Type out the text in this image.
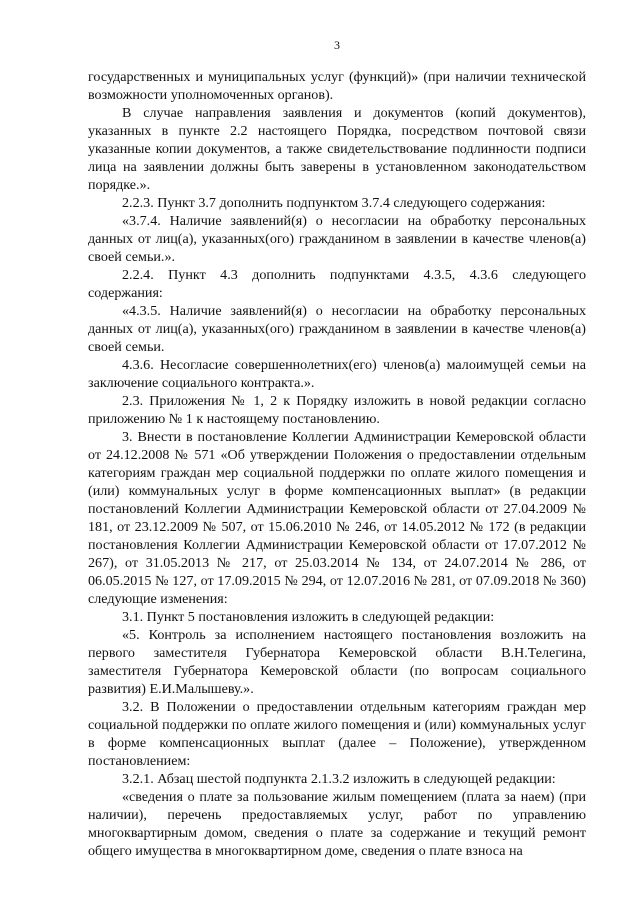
3

государственных и муниципальных услуг (функций)» (при наличии технической возможности уполномоченных органов).

В случае направления заявления и документов (копий документов), указанных в пункте 2.2 настоящего Порядка, посредством почтовой связи указанные копии документов, а также свидетельствование подлинности подписи лица на заявлении должны быть заверены в установленном законодательством порядке.».

2.2.3. Пункт 3.7 дополнить подпунктом 3.7.4 следующего содержания:

«3.7.4. Наличие заявлений(я) о несогласии на обработку персональных данных от лиц(а), указанных(ого) гражданином в заявлении в качестве членов(а) своей семьи.».

2.2.4. Пункт 4.3 дополнить подпунктами 4.3.5, 4.3.6 следующего содержания:

«4.3.5. Наличие заявлений(я) о несогласии на обработку персональных данных от лиц(а), указанных(ого) гражданином в заявлении в качестве членов(а) своей семьи.

4.3.6. Несогласие совершеннолетних(его) членов(а) малоимущей семьи на заключение социального контракта.».

2.3. Приложения № 1, 2 к Порядку изложить в новой редакции согласно приложению № 1 к настоящему постановлению.

3. Внести в постановление Коллегии Администрации Кемеровской области от 24.12.2008 № 571 «Об утверждении Положения о предоставлении отдельным категориям граждан мер социальной поддержки по оплате жилого помещения и (или) коммунальных услуг в форме компенсационных выплат» (в редакции постановлений Коллегии Администрации Кемеровской области от 27.04.2009 № 181, от 23.12.2009 № 507, от 15.06.2010 № 246, от 14.05.2012 № 172 (в редакции постановления Коллегии Администрации Кемеровской области от 17.07.2012 № 267), от 31.05.2013 № 217, от 25.03.2014 № 134, от 24.07.2014 № 286, от 06.05.2015 № 127, от 17.09.2015 № 294, от 12.07.2016 № 281, от 07.09.2018 № 360) следующие изменения:

3.1. Пункт 5 постановления изложить в следующей редакции:

«5. Контроль за исполнением настоящего постановления возложить на первого заместителя Губернатора Кемеровской области В.Н.Телегина, заместителя Губернатора Кемеровской области (по вопросам социального развития) Е.И.Малышеву.».

3.2. В Положении о предоставлении отдельным категориям граждан мер социальной поддержки по оплате жилого помещения и (или) коммунальных услуг в форме компенсационных выплат (далее – Положение), утвержденном постановлением:

3.2.1. Абзац шестой подпункта 2.1.3.2 изложить в следующей редакции:

«сведения о плате за пользование жилым помещением (плата за наем) (при наличии), перечень предоставляемых услуг, работ по управлению многоквартирным домом, сведения о плате за содержание и текущий ремонт общего имущества в многоквартирном доме, сведения о плате взноса на
